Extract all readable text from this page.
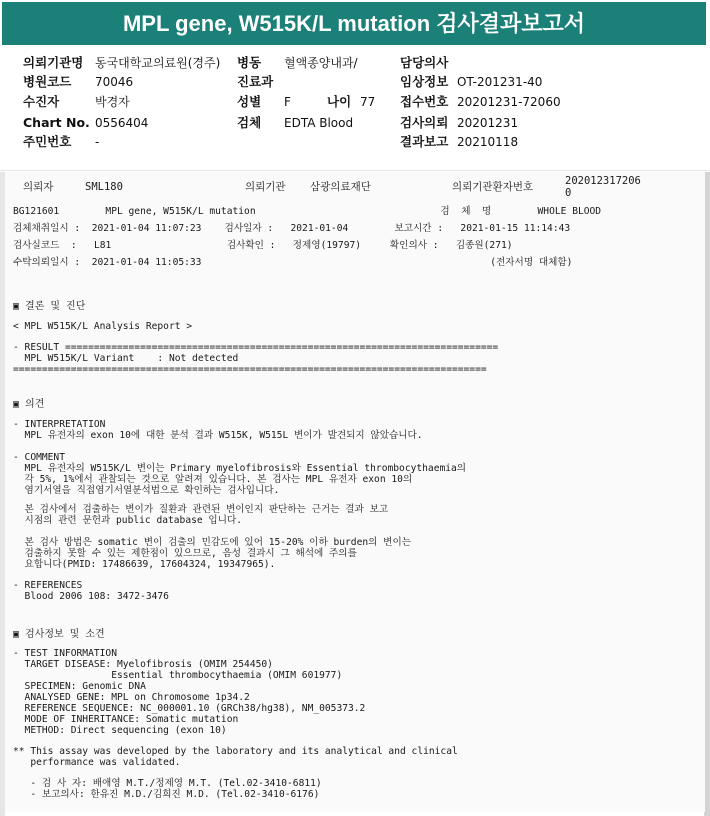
MPL gene, W515K/L mutation 검사결과보고서
의뢰기관명 동국대학교의료원(경주)
병원코드 70046
수진자	박경자
Chart No. 0556404
주민번호 -
병동 혈액종양내과/
진료과
성별 F	나이 77
검체 EDTA Blood
담당의사
임상정보 OT-201231-40
접수번호 20201231-72060
검사의뢰 20201231
결과보고 20210118
의뢰자	SML180	의뢰기관 삼광의료재단	의뢰기관환자번호	202012317206
0
BG121601        MPL gene, W515K/L mutation                                검  체  명        WHOLE BLOOD
검체채취일시 :  2021-01-04 11:07:23    검사일자 :   2021-01-04        보고시간 :   2021-01-15 11:14:43
검사실코드  :   L81                    검사확인 :   정제영(19797)     확인의사 :   김종원(271)
수탁의뢰일시 :  2021-01-04 11:05:33                                                  (전자서명 대체함)
▣ 결론 및 진단
< MPL W515K/L Analysis Report >
- RESULT ===========================================================================
MPL W515K/L Variant    : Not detected
==================================================================================
▣ 의견
- INTERPRETATION
MPL 유전자의 exon 10에 대한 분석 결과 W515K, W515L 변이가 발견되지 않았습니다.
- COMMENT
MPL 유전자의 W515K/L 변이는 Primary myelofibrosis와 Essential thrombocythaemia의
각 5%, 1%에서 관찰되는 것으로 알려져 있습니다. 본 검사는 MPL 유전자 exon 10의
염기서열을 직접염기서열분석법으로 확인하는 검사입니다.
본 검사에서 검출하는 변이가 질환과 관련된 변이인지 판단하는 근거는 결과 보고
시점의 관련 문헌과 public database 입니다.
본 검사 방법은 somatic 변이 검출의 민감도에 있어 15-20% 이하 burden의 변이는
검출하지 못할 수 있는 제한점이 있으므로, 음성 결과시 그 해석에 주의를
요합니다(PMID: 17486639, 17604324, 19347965).
- REFERENCES
Blood 2006 108: 3472-3476
▣ 검사정보 및 소견
- TEST INFORMATION
TARGET DISEASE: Myelofibrosis (OMIM 254450)
Essential thrombocythaemia (OMIM 601977)
SPECIMEN: Genomic DNA
ANALYSED GENE: MPL on Chromosome 1p34.2
REFERENCE SEQUENCE: NC_000001.10 (GRCh38/hg38), NM_005373.2
MODE OF INHERITANCE: Somatic mutation
METHOD: Direct sequencing (exon 10)
** This assay was developed by the laboratory and its analytical and clinical
performance was validated.
- 검 사 자: 배애영 M.T./정제영 M.T. (Tel.02-3410-6811)
- 보고의사: 한유진 M.D./김희진 M.D. (Tel.02-3410-6176)
